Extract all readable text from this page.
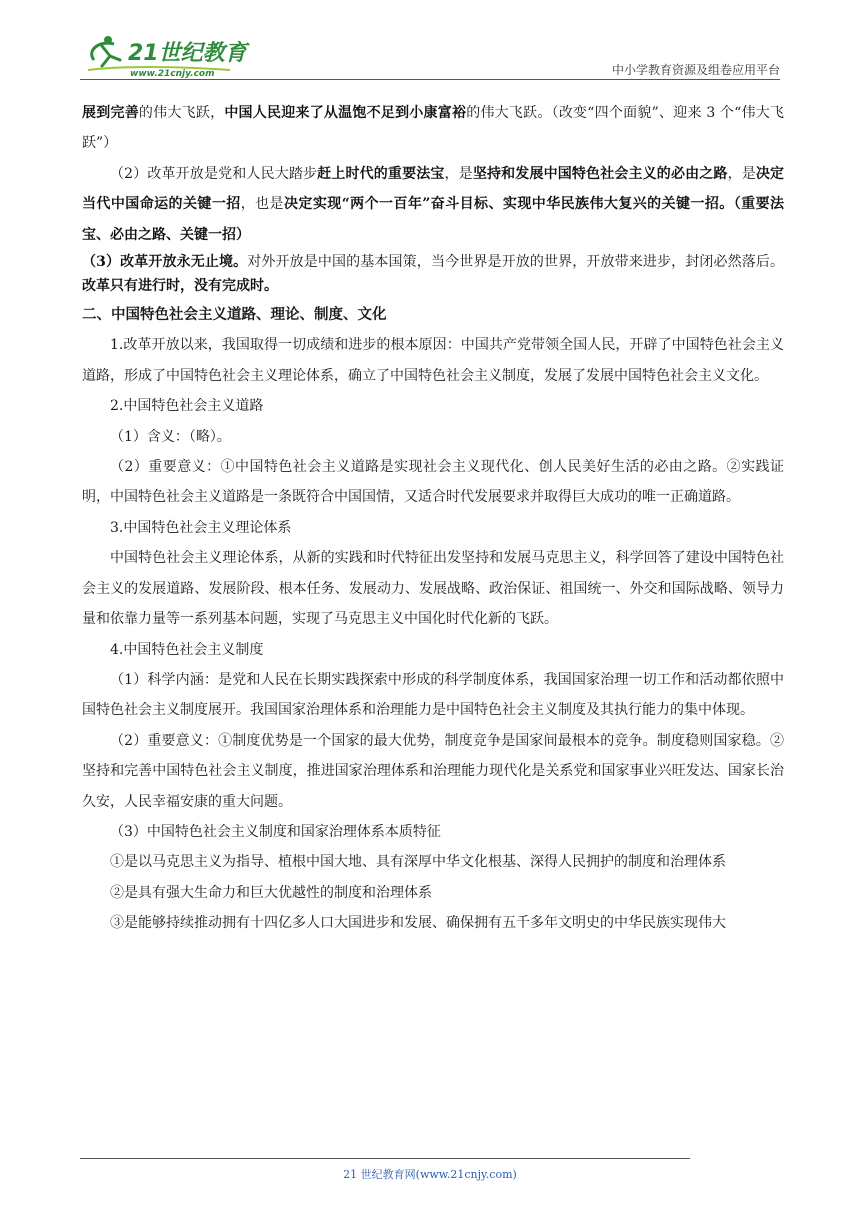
21世纪教育
www.21cnjy.com	中小学教育资源及组卷应用平台

展到完善的伟大飞跃，中国人民迎来了从温饱不足到小康富裕的伟大飞跃。（改变“四个面貌”、迎来 3 个“伟大飞跃”）

（2）改革开放是党和人民大踏步赶上时代的重要法宝，是坚持和发展中国特色社会主义的必由之路，是决定当代中国命运的关键一招，也是决定实现“两个一百年”奋斗目标、实现中华民族伟大复兴的关键一招。（重要法宝、必由之路、关键一招）

（3）改革开放永无止境。对外开放是中国的基本国策，当今世界是开放的世界，开放带来进步，封闭必然落后。改革只有进行时，没有完成时。

二、中国特色社会主义道路、理论、制度、文化

1.改革开放以来，我国取得一切成绩和进步的根本原因：中国共产党带领全国人民，开辟了中国特色社会主义道路，形成了中国特色社会主义理论体系，确立了中国特色社会主义制度，发展了发展中国特色社会主义文化。

2.中国特色社会主义道路

（1）含义：（略）。

（2）重要意义：①中国特色社会主义道路是实现社会主义现代化、创人民美好生活的必由之路。②实践证明，中国特色社会主义道路是一条既符合中国国情，又适合时代发展要求并取得巨大成功的唯一正确道路。

3.中国特色社会主义理论体系

中国特色社会主义理论体系，从新的实践和时代特征出发坚持和发展马克思主义，科学回答了建设中国特色社会主义的发展道路、发展阶段、根本任务、发展动力、发展战略、政治保证、祖国统一、外交和国际战略、领导力量和依靠力量等一系列基本问题，实现了马克思主义中国化时代化新的飞跃。

4.中国特色社会主义制度

（1）科学内涵：是党和人民在长期实践探索中形成的科学制度体系，我国国家治理一切工作和活动都依照中国特色社会主义制度展开。我国国家治理体系和治理能力是中国特色社会主义制度及其执行能力的集中体现。

（2）重要意义：①制度优势是一个国家的最大优势，制度竞争是国家间最根本的竞争。制度稳则国家稳。②坚持和完善中国特色社会主义制度，推进国家治理体系和治理能力现代化是关系党和国家事业兴旺发达、国家长治久安，人民幸福安康的重大问题。

（3）中国特色社会主义制度和国家治理体系本质特征

①是以马克思主义为指导、植根中国大地、具有深厚中华文化根基、深得人民拥护的制度和治理体系

②是具有强大生命力和巨大优越性的制度和治理体系

③是能够持续推动拥有十四亿多人口大国进步和发展、确保拥有五千多年文明史的中华民族实现伟大

21 世纪教育网(www.21cnjy.com)
